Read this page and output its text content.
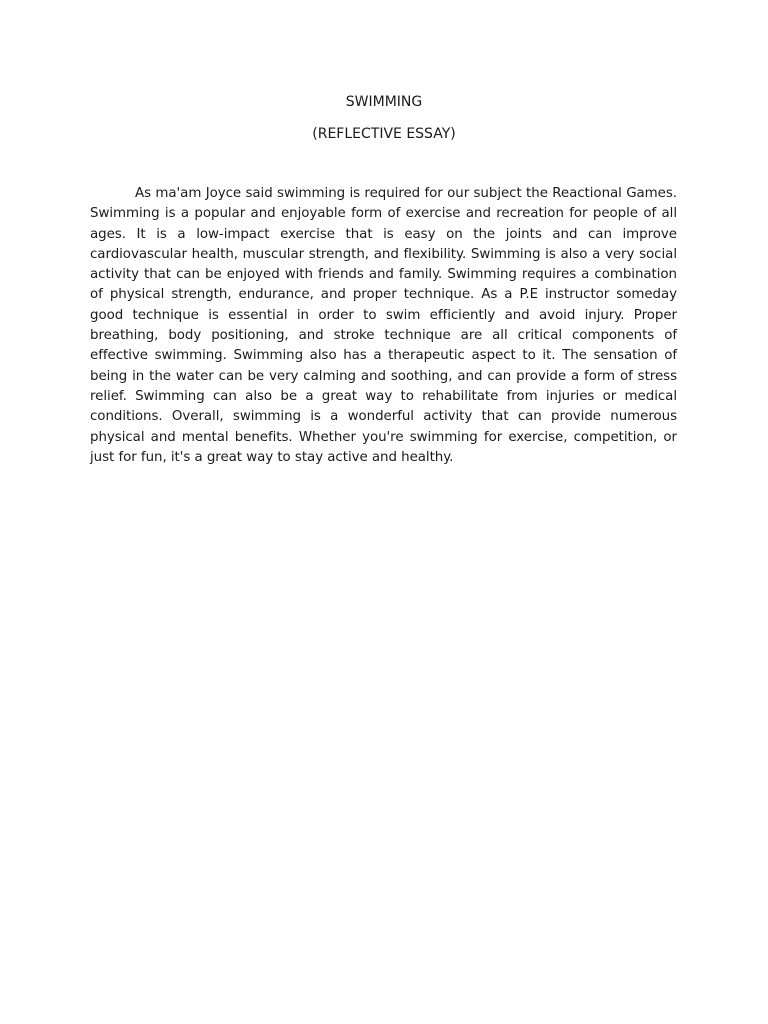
SWIMMING
(REFLECTIVE ESSAY)

As ma'am Joyce said swimming is required for our subject the Reactional Games. Swimming is a popular and enjoyable form of exercise and recreation for people of all ages. It is a low-impact exercise that is easy on the joints and can improve cardiovascular health, muscular strength, and flexibility. Swimming is also a very social activity that can be enjoyed with friends and family. Swimming requires a combination of physical strength, endurance, and proper technique. As a P.E instructor someday good technique is essential in order to swim efficiently and avoid injury. Proper breathing, body positioning, and stroke technique are all critical components of effective swimming. Swimming also has a therapeutic aspect to it. The sensation of being in the water can be very calming and soothing, and can provide a form of stress relief. Swimming can also be a great way to rehabilitate from injuries or medical conditions. Overall, swimming is a wonderful activity that can provide numerous physical and mental benefits. Whether you're swimming for exercise, competition, or just for fun, it's a great way to stay active and healthy.
